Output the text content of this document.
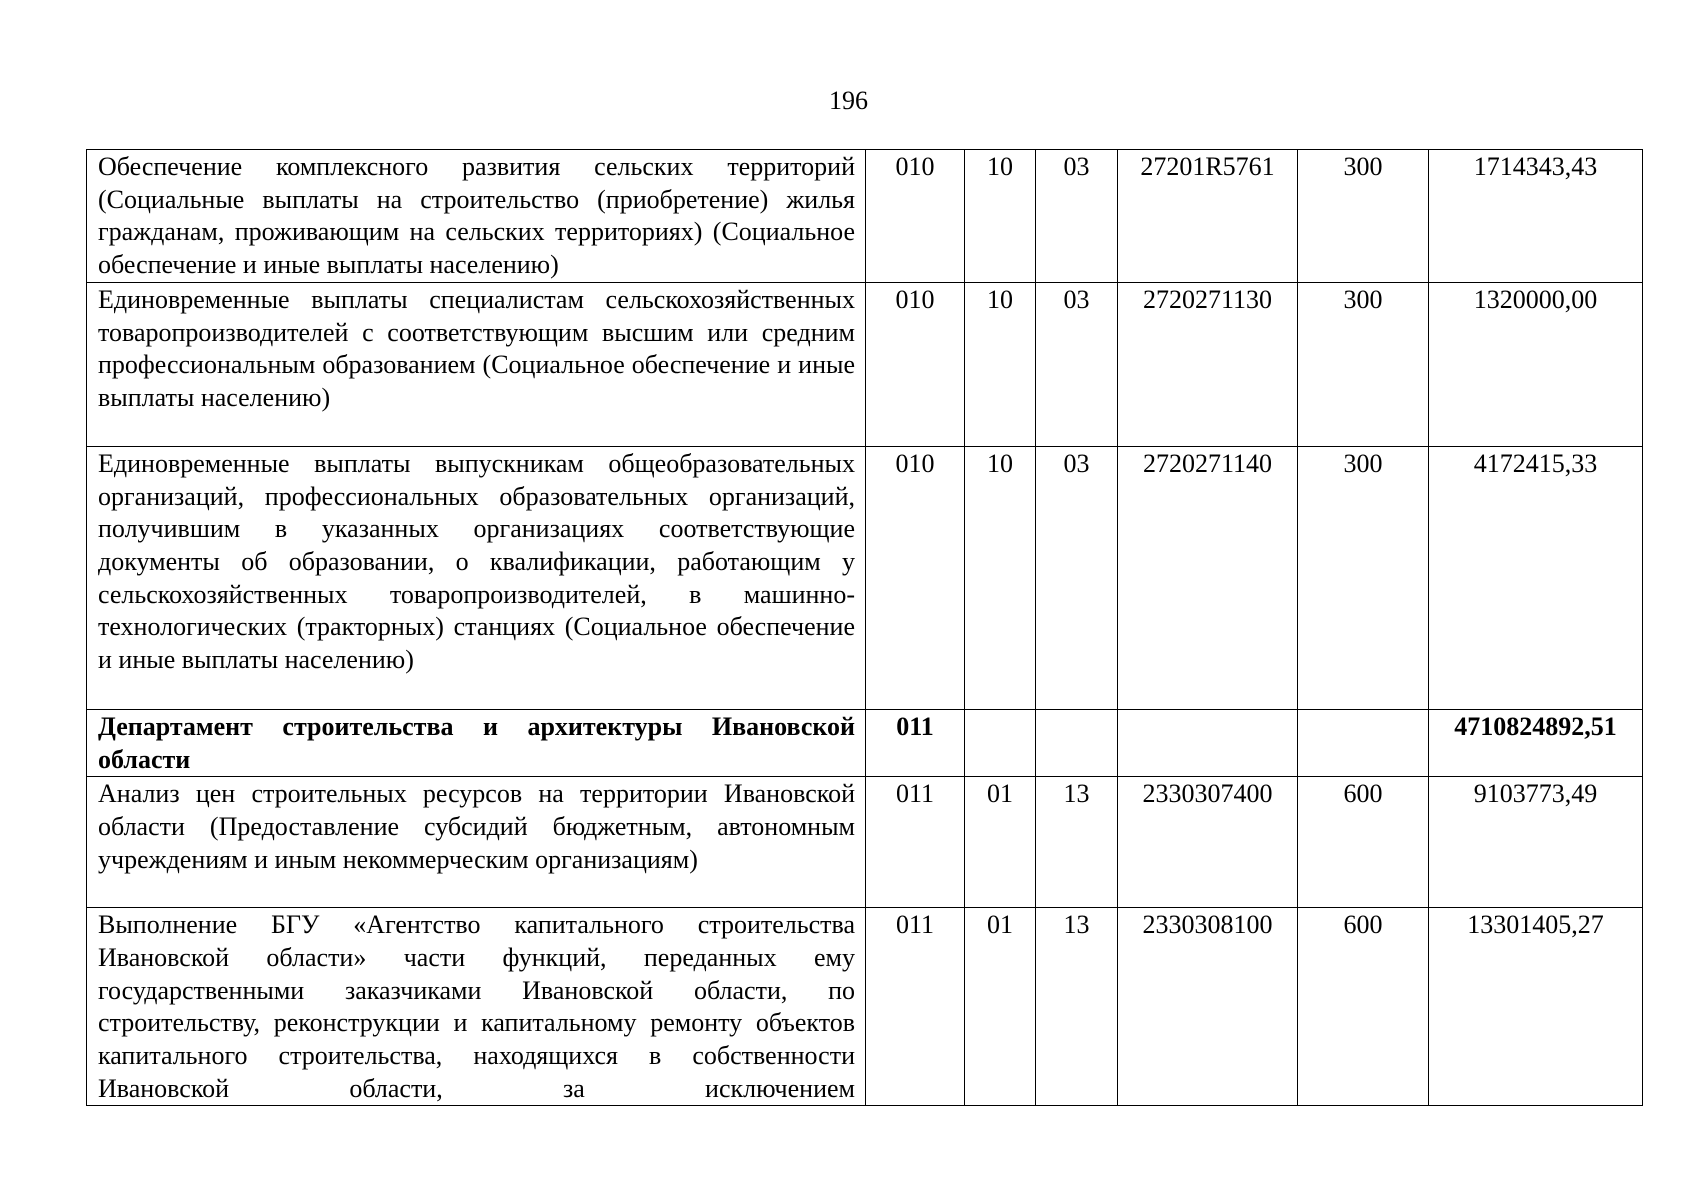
196
Обеспечение комплексного развития сельских территорий (Социальные выплаты на строительство (приобретение) жилья гражданам, проживающим на сельских территориях) (Социальное обеспечение и иные выплаты населению)	010	10	03	27201R5761	300	1714343,43
Единовременные выплаты специалистам сельскохозяйственных товаропроизводителей с соответствующим высшим или средним профессиональным образованием (Социальное обеспечение и иные выплаты населению)	010	10	03	2720271130	300	1320000,00
Единовременные выплаты выпускникам общеобразовательных организаций, профессиональных образовательных организаций, получившим в указанных организациях соответствующие документы об образовании, о квалификации, работающим у сельскохозяйственных товаропроизводителей, в машинно-технологических (тракторных) станциях (Социальное обеспечение и иные выплаты населению)	010	10	03	2720271140	300	4172415,33
Департамент строительства и архитектуры Ивановской области	011					4710824892,51
Анализ цен строительных ресурсов на территории Ивановской области (Предоставление субсидий бюджетным, автономным учреждениям и иным некоммерческим организациям)	011	01	13	2330307400	600	9103773,49
Выполнение БГУ «Агентство капитального строительства Ивановской области» части функций, переданных ему государственными заказчиками Ивановской области, по строительству, реконструкции и капитальному ремонту объектов капитального строительства, находящихся в собственности Ивановской области, за исключением	011	01	13	2330308100	600	13301405,27
